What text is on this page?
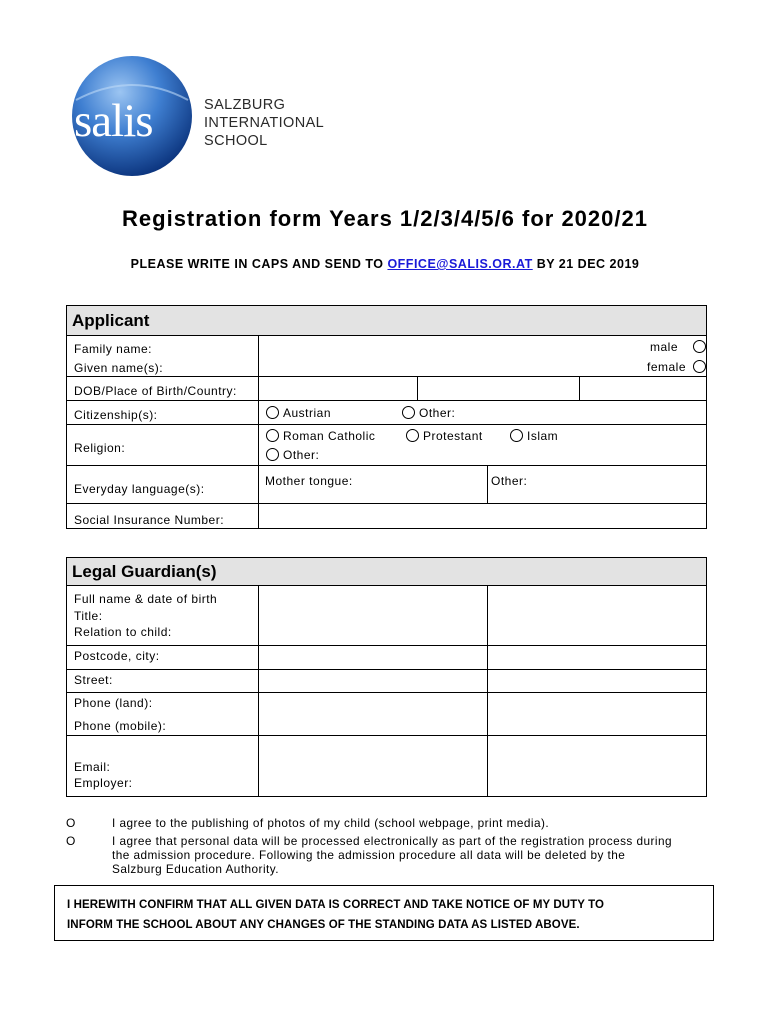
salis	SALZBURG
INTERNATIONAL
SCHOOL
Registration form Years 1/2/3/4/5/6 for 2020/21
PLEASE WRITE IN CAPS AND SEND TO OFFICE@SALIS.OR.AT BY 21 DEC 2019
Applicant
Family name:
Given name(s):
male
female
DOB/Place of Birth/Country:
Citizenship(s):	Austrian	Other:
Religion:
Roman Catholic	Protestant	Islam
Other:
Everyday language(s):
Mother tongue:	Other:
Social Insurance Number:
Legal Guardian(s)
Full name & date of birth
Title:
Relation to child:
Postcode, city:
Street:
Phone (land):
Phone (mobile):
Email:
Employer:
O	I agree to the publishing of photos of my child (school webpage, print media).
O	I agree that personal data will be processed electronically as part of the registration process during the admission procedure. Following the admission procedure all data will be deleted by the Salzburg Education Authority.
I HEREWITH CONFIRM THAT ALL GIVEN DATA IS CORRECT AND TAKE NOTICE OF MY DUTY TO
INFORM THE SCHOOL ABOUT ANY CHANGES OF THE STANDING DATA AS LISTED ABOVE.
